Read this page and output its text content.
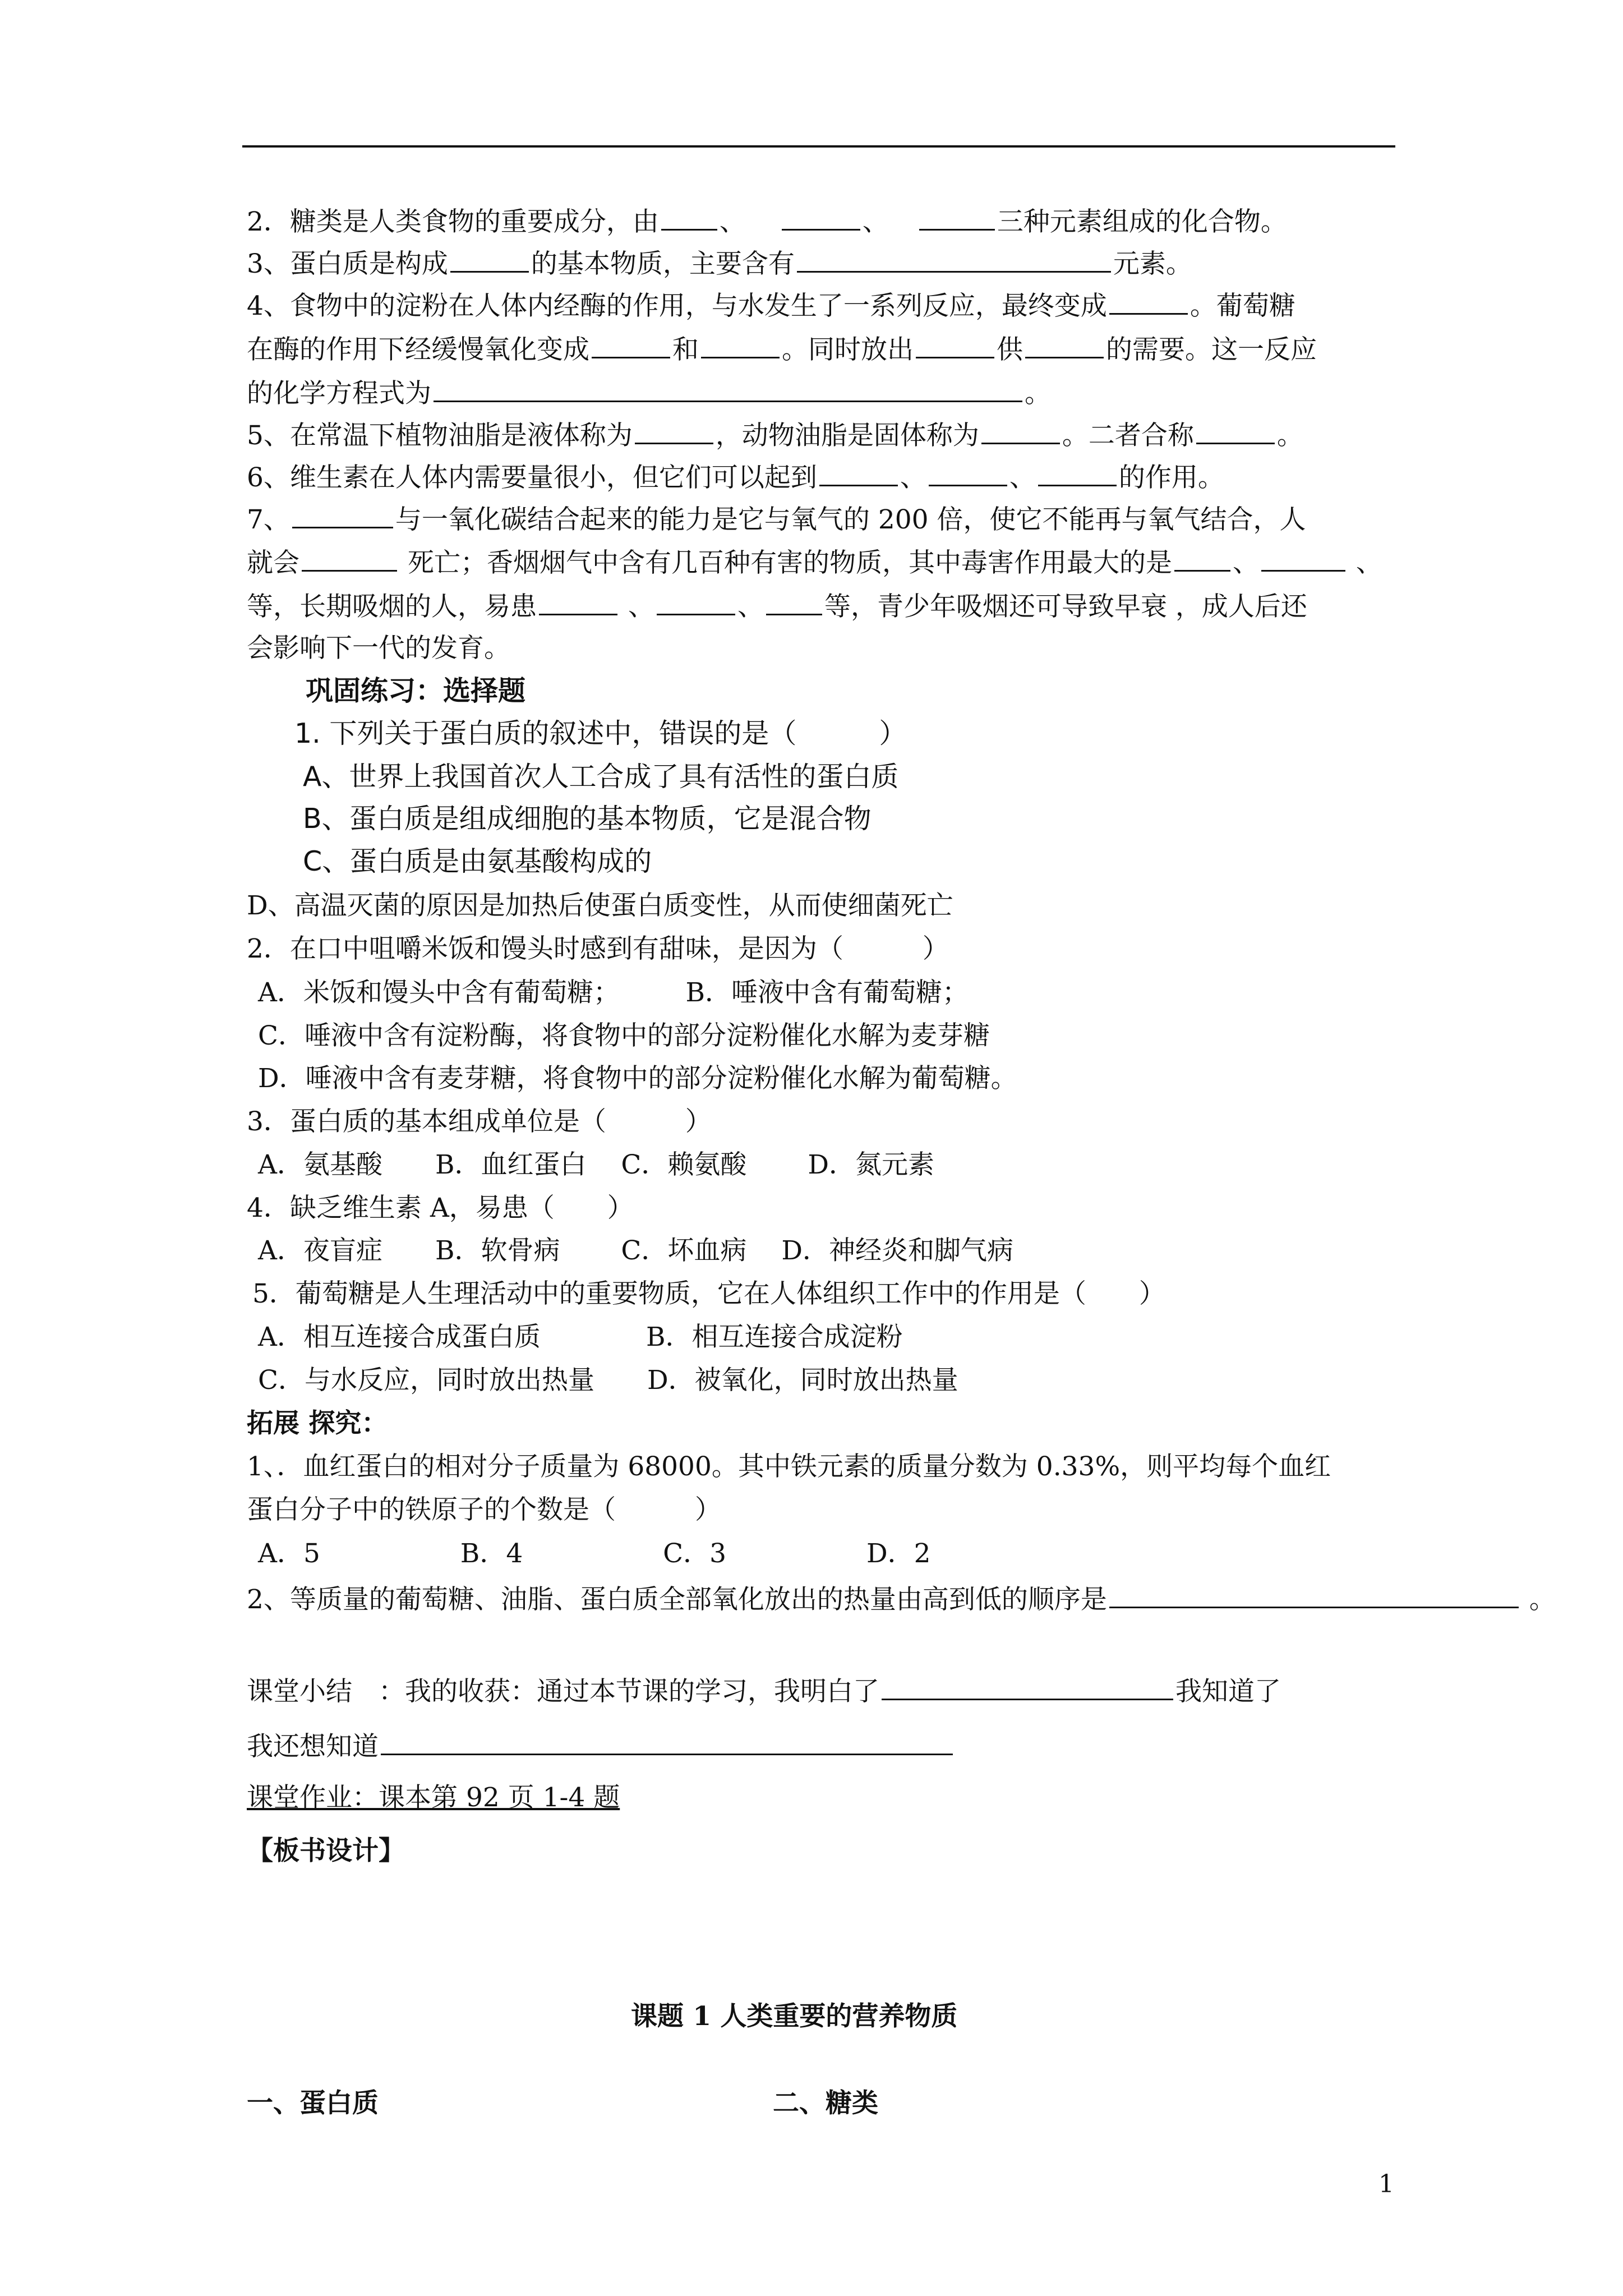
2．糖类是人类食物的重要成分，由 、	、	三种元素组成的化合物。
3、蛋白质是构成	的基本物质，主要含有	元素。
4、食物中的淀粉在人体内经酶的作用，与水发生了一系列反应，最终变成	。葡萄糖
在酶的作用下经缓慢氧化变成	和	。同时放出	供	的需要。这一反应
的化学方程式为	。
5、在常温下植物油脂是液体称为	，动物油脂是固体称为	。二者合称	。
6、维生素在人体内需要量很小，但它们可以起到	、	、	的作用。
7、	与一氧化碳结合起来的能力是它与氧气的 200 倍，使它不能再与氧气结合，人
就会	死亡；香烟烟气中含有几百种有害的物质，其中毒害作用最大的是 、	、
等，长期吸烟的人，易患	、	、 等，青少年吸烟还可导致早衰 ，成人后还
会影响下一代的发育。
巩固练习：选择题
1. 下列关于蛋白质的叙述中，错误的是（　　　）
A、世界上我国首次人工合成了具有活性的蛋白质
B、蛋白质是组成细胞的基本物质，它是混合物
C、蛋白质是由氨基酸构成的
D、高温灭菌的原因是加热后使蛋白质变性，从而使细菌死亡
2．在口中咀嚼米饭和馒头时感到有甜味，是因为（　　　）
A．米饭和馒头中含有葡萄糖；　　　B．唾液中含有葡萄糖；
C．唾液中含有淀粉酶，将食物中的部分淀粉催化水解为麦芽糖
D．唾液中含有麦芽糖，将食物中的部分淀粉催化水解为葡萄糖。
3．蛋白质的基本组成单位是（　　　）
A．氨基酸　　B．血红蛋白　 C．赖氨酸　　 D．氮元素
4．缺乏维生素 A，易患（　　）
A．夜盲症　　B．软骨病　　 C．坏血病　 D．神经炎和脚气病
5．葡萄糖是人生理活动中的重要物质，它在人体组织工作中的作用是（　　）
A．相互连接合成蛋白质　　　　B．相互连接合成淀粉
C．与水反应，同时放出热量　　D．被氧化，同时放出热量
拓展 探究：
1、．血红蛋白的相对分子质量为 68000。其中铁元素的质量分数为 0.33%，则平均每个血红
蛋白分子中的铁原子的个数是（　　　）
A．5　　　　　 B．4　　　　　 C．3　　　　　 D．2
2、等质量的葡萄糖、油脂、蛋白质全部氧化放出的热量由高到低的顺序是	。
课堂小结　：我的收获：通过本节课的学习，我明白了	我知道了
我还想知道
课堂作业：课本第 92 页 1-4 题
【板书设计】
课题 1 人类重要的营养物质
一、蛋白质	二、糖类
1
